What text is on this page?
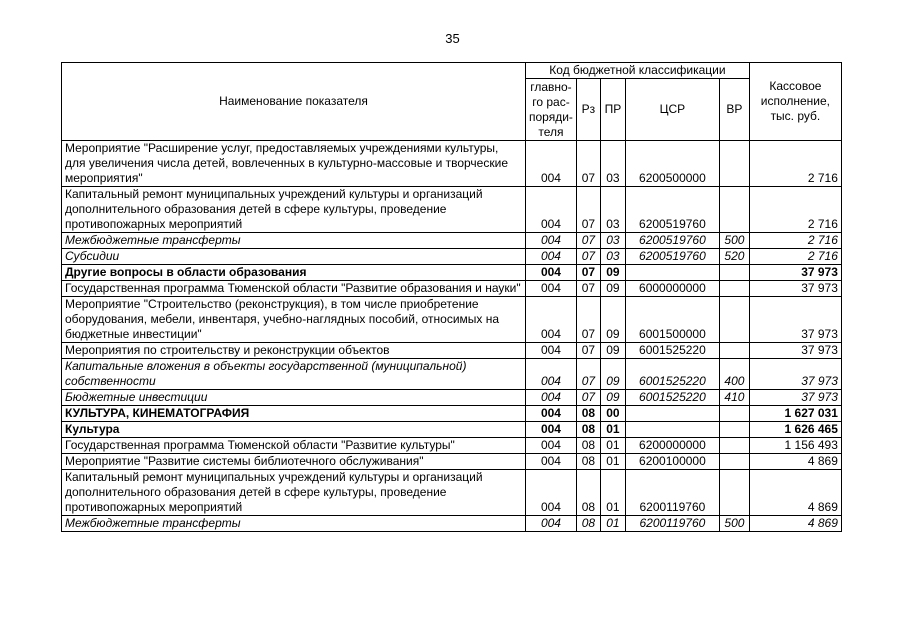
35
Наименование показателя	Код бюджетной классификации					Кассовое исполнение, тыс. руб.
	главно-го рас-поряди-теля	Рз	ПР	ЦСР	ВР	
Мероприятие "Расширение услуг, предоставляемых учреждениями культуры, для увеличения числа детей, вовлеченных в культурно-массовые и творческие мероприятия"	004	07	03	6200500000		2 716
Капитальный ремонт муниципальных учреждений культуры и организаций дополнительного образования детей в сфере культуры, проведение противопожарных мероприятий	004	07	03	6200519760		2 716
Межбюджетные трансферты	004	07	03	6200519760	500	2 716
Субсидии	004	07	03	6200519760	520	2 716
Другие вопросы в области образования	004	07	09			37 973
Государственная программа Тюменской области "Развитие образования и науки"	004	07	09	6000000000		37 973
Мероприятие "Строительство (реконструкция), в том числе приобретение оборудования, мебели, инвентаря, учебно-наглядных пособий, относимых на бюджетные инвестиции"	004	07	09	6001500000		37 973
Мероприятия по строительству и реконструкции объектов	004	07	09	6001525220		37 973
Капитальные вложения в объекты государственной (муниципальной) собственности	004	07	09	6001525220	400	37 973
Бюджетные инвестиции	004	07	09	6001525220	410	37 973
КУЛЬТУРА, КИНЕМАТОГРАФИЯ	004	08	00			1 627 031
Культура	004	08	01			1 626 465
Государственная программа Тюменской области "Развитие культуры"	004	08	01	6200000000		1 156 493
Мероприятие "Развитие системы библиотечного обслуживания"	004	08	01	6200100000		4 869
Капитальный ремонт муниципальных учреждений культуры и организаций дополнительного образования детей в сфере культуры, проведение противопожарных мероприятий	004	08	01	6200119760		4 869
Межбюджетные трансферты	004	08	01	6200119760	500	4 869
